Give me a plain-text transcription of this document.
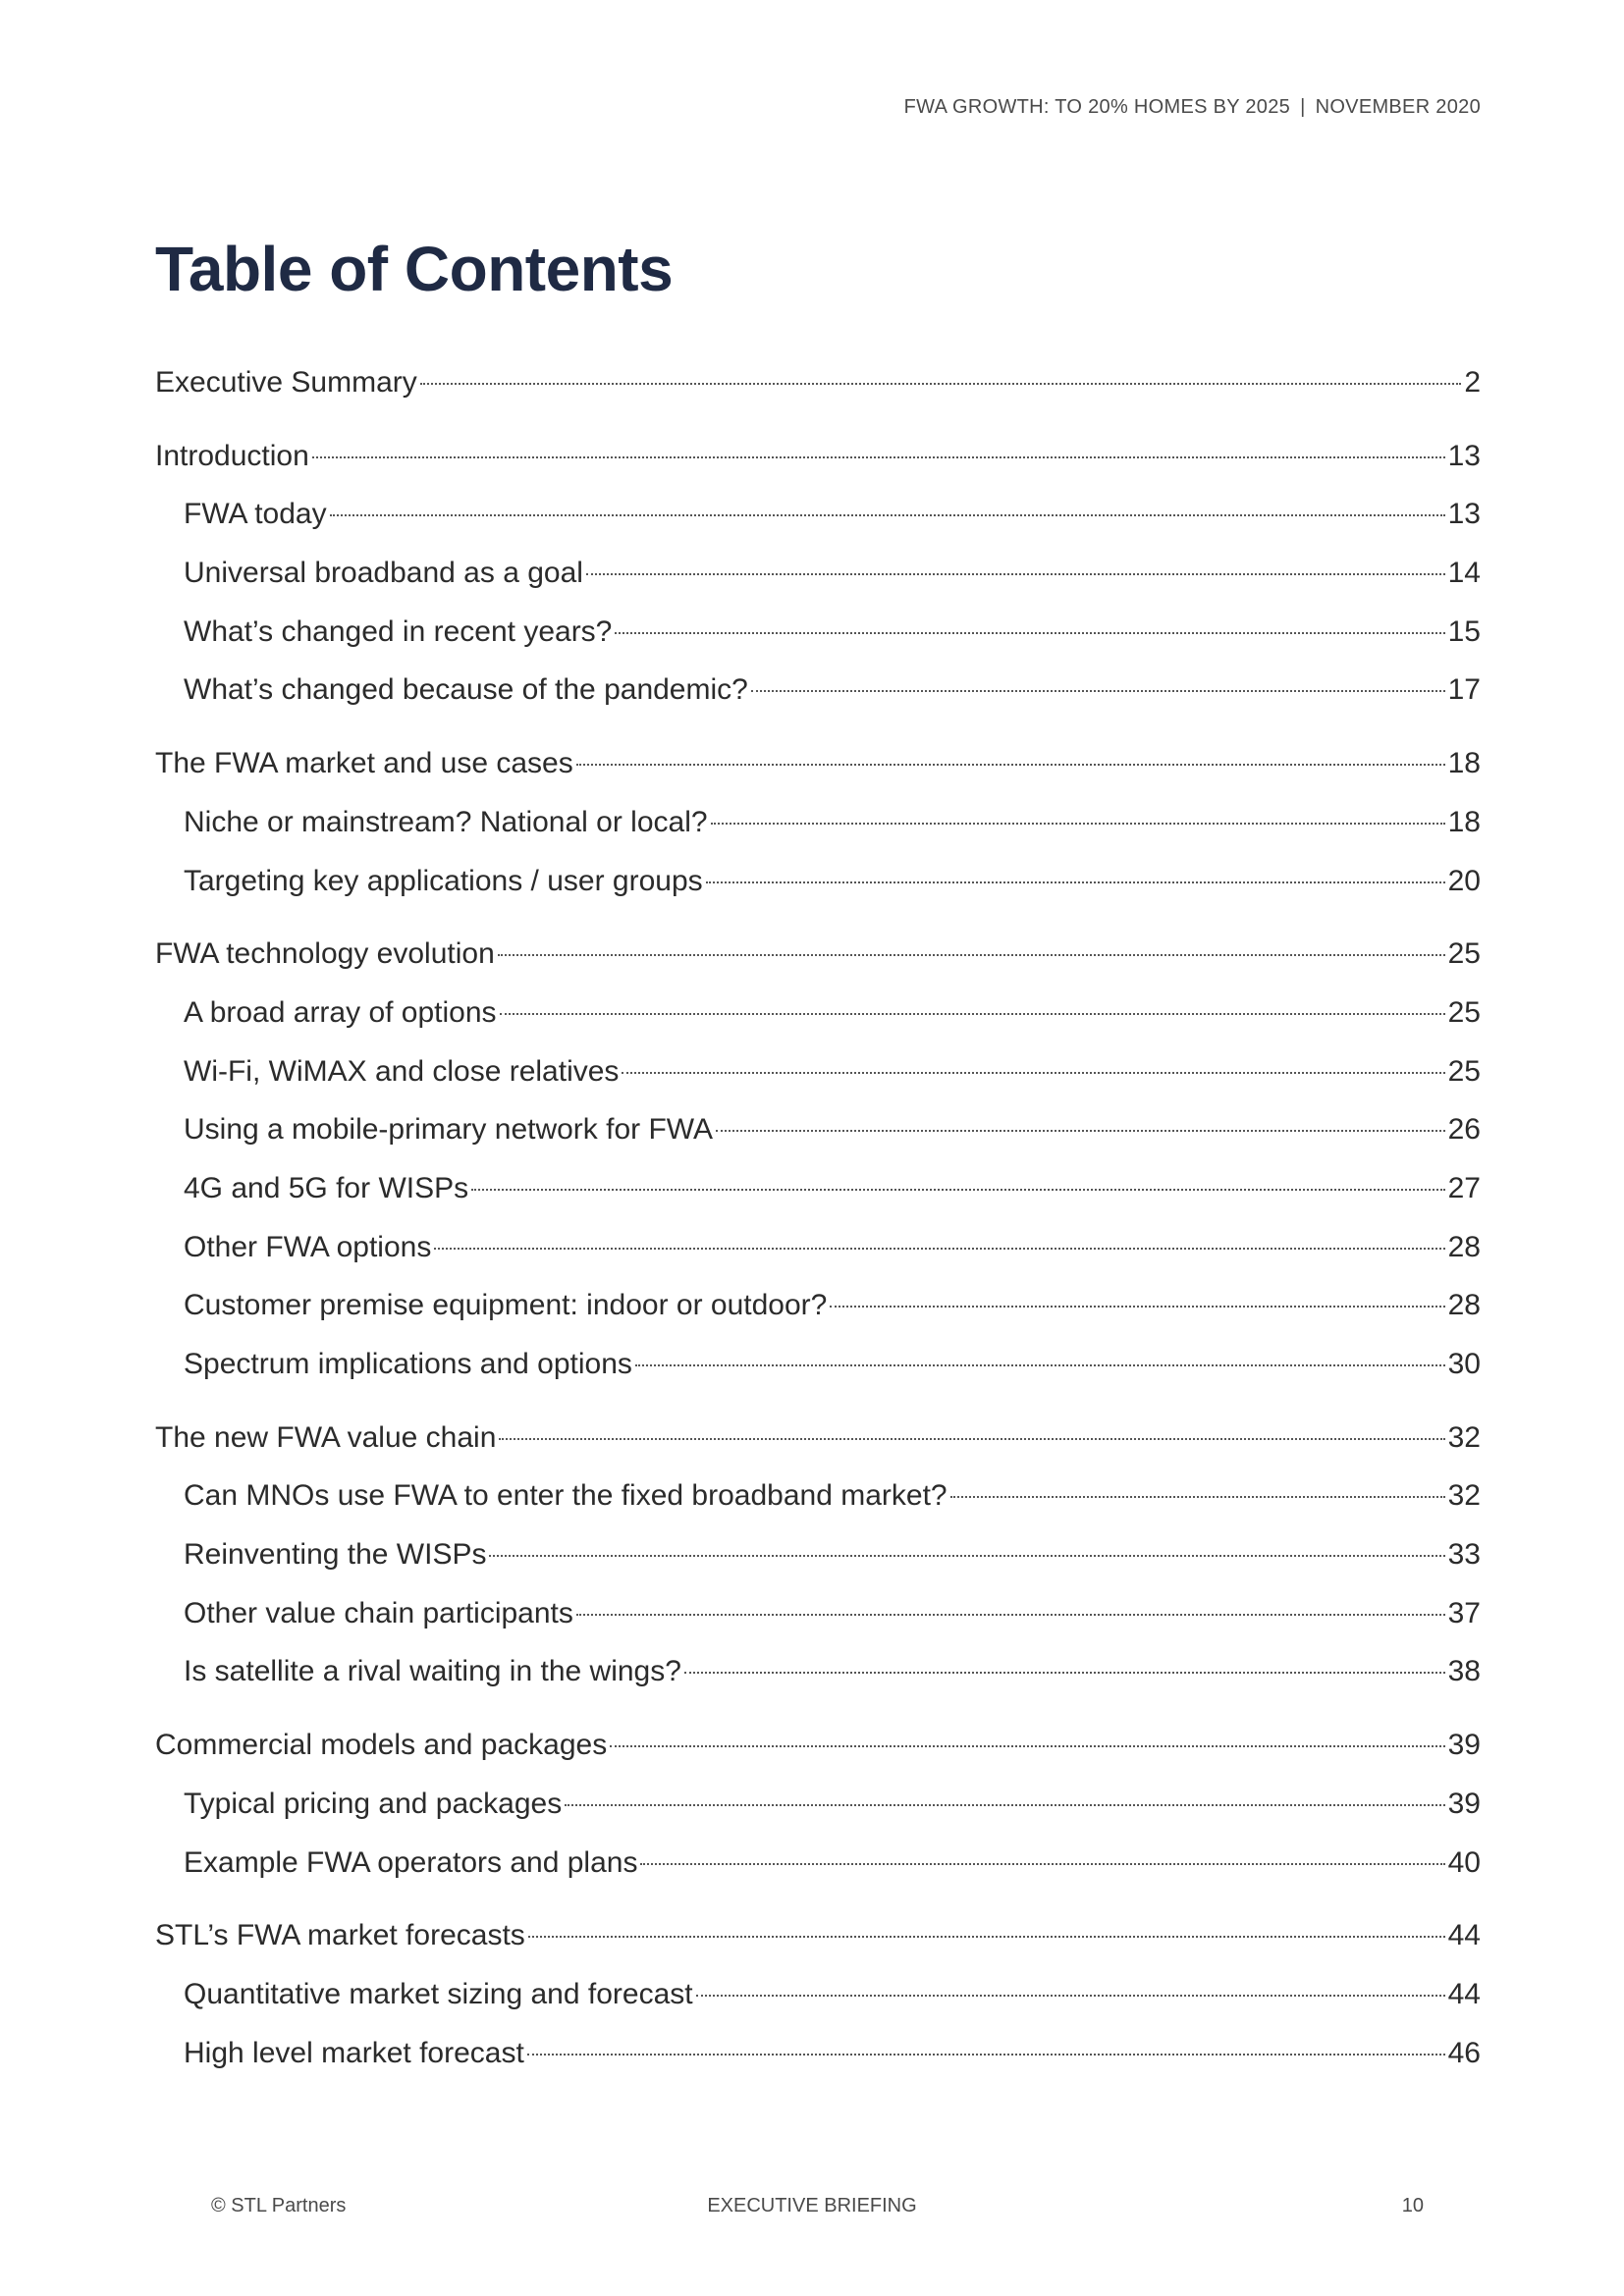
FWA GROWTH: TO 20% HOMES BY 2025 | NOVEMBER 2020
Table of Contents
Executive Summary	2
Introduction	13
FWA today	13
Universal broadband as a goal	14
What’s changed in recent years?	15
What’s changed because of the pandemic?	17
The FWA market and use cases	18
Niche or mainstream? National or local?	18
Targeting key applications / user groups	20
FWA technology evolution	25
A broad array of options	25
Wi-Fi, WiMAX and close relatives	25
Using a mobile-primary network for FWA	26
4G and 5G for WISPs	27
Other FWA options	28
Customer premise equipment: indoor or outdoor?	28
Spectrum implications and options	30
The new FWA value chain	32
Can MNOs use FWA to enter the fixed broadband market?	32
Reinventing the WISPs	33
Other value chain participants	37
Is satellite a rival waiting in the wings?	38
Commercial models and packages	39
Typical pricing and packages	39
Example FWA operators and plans	40
STL’s FWA market forecasts	44
Quantitative market sizing and forecast	44
High level market forecast	46
© STL Partners	EXECUTIVE BRIEFING	10
